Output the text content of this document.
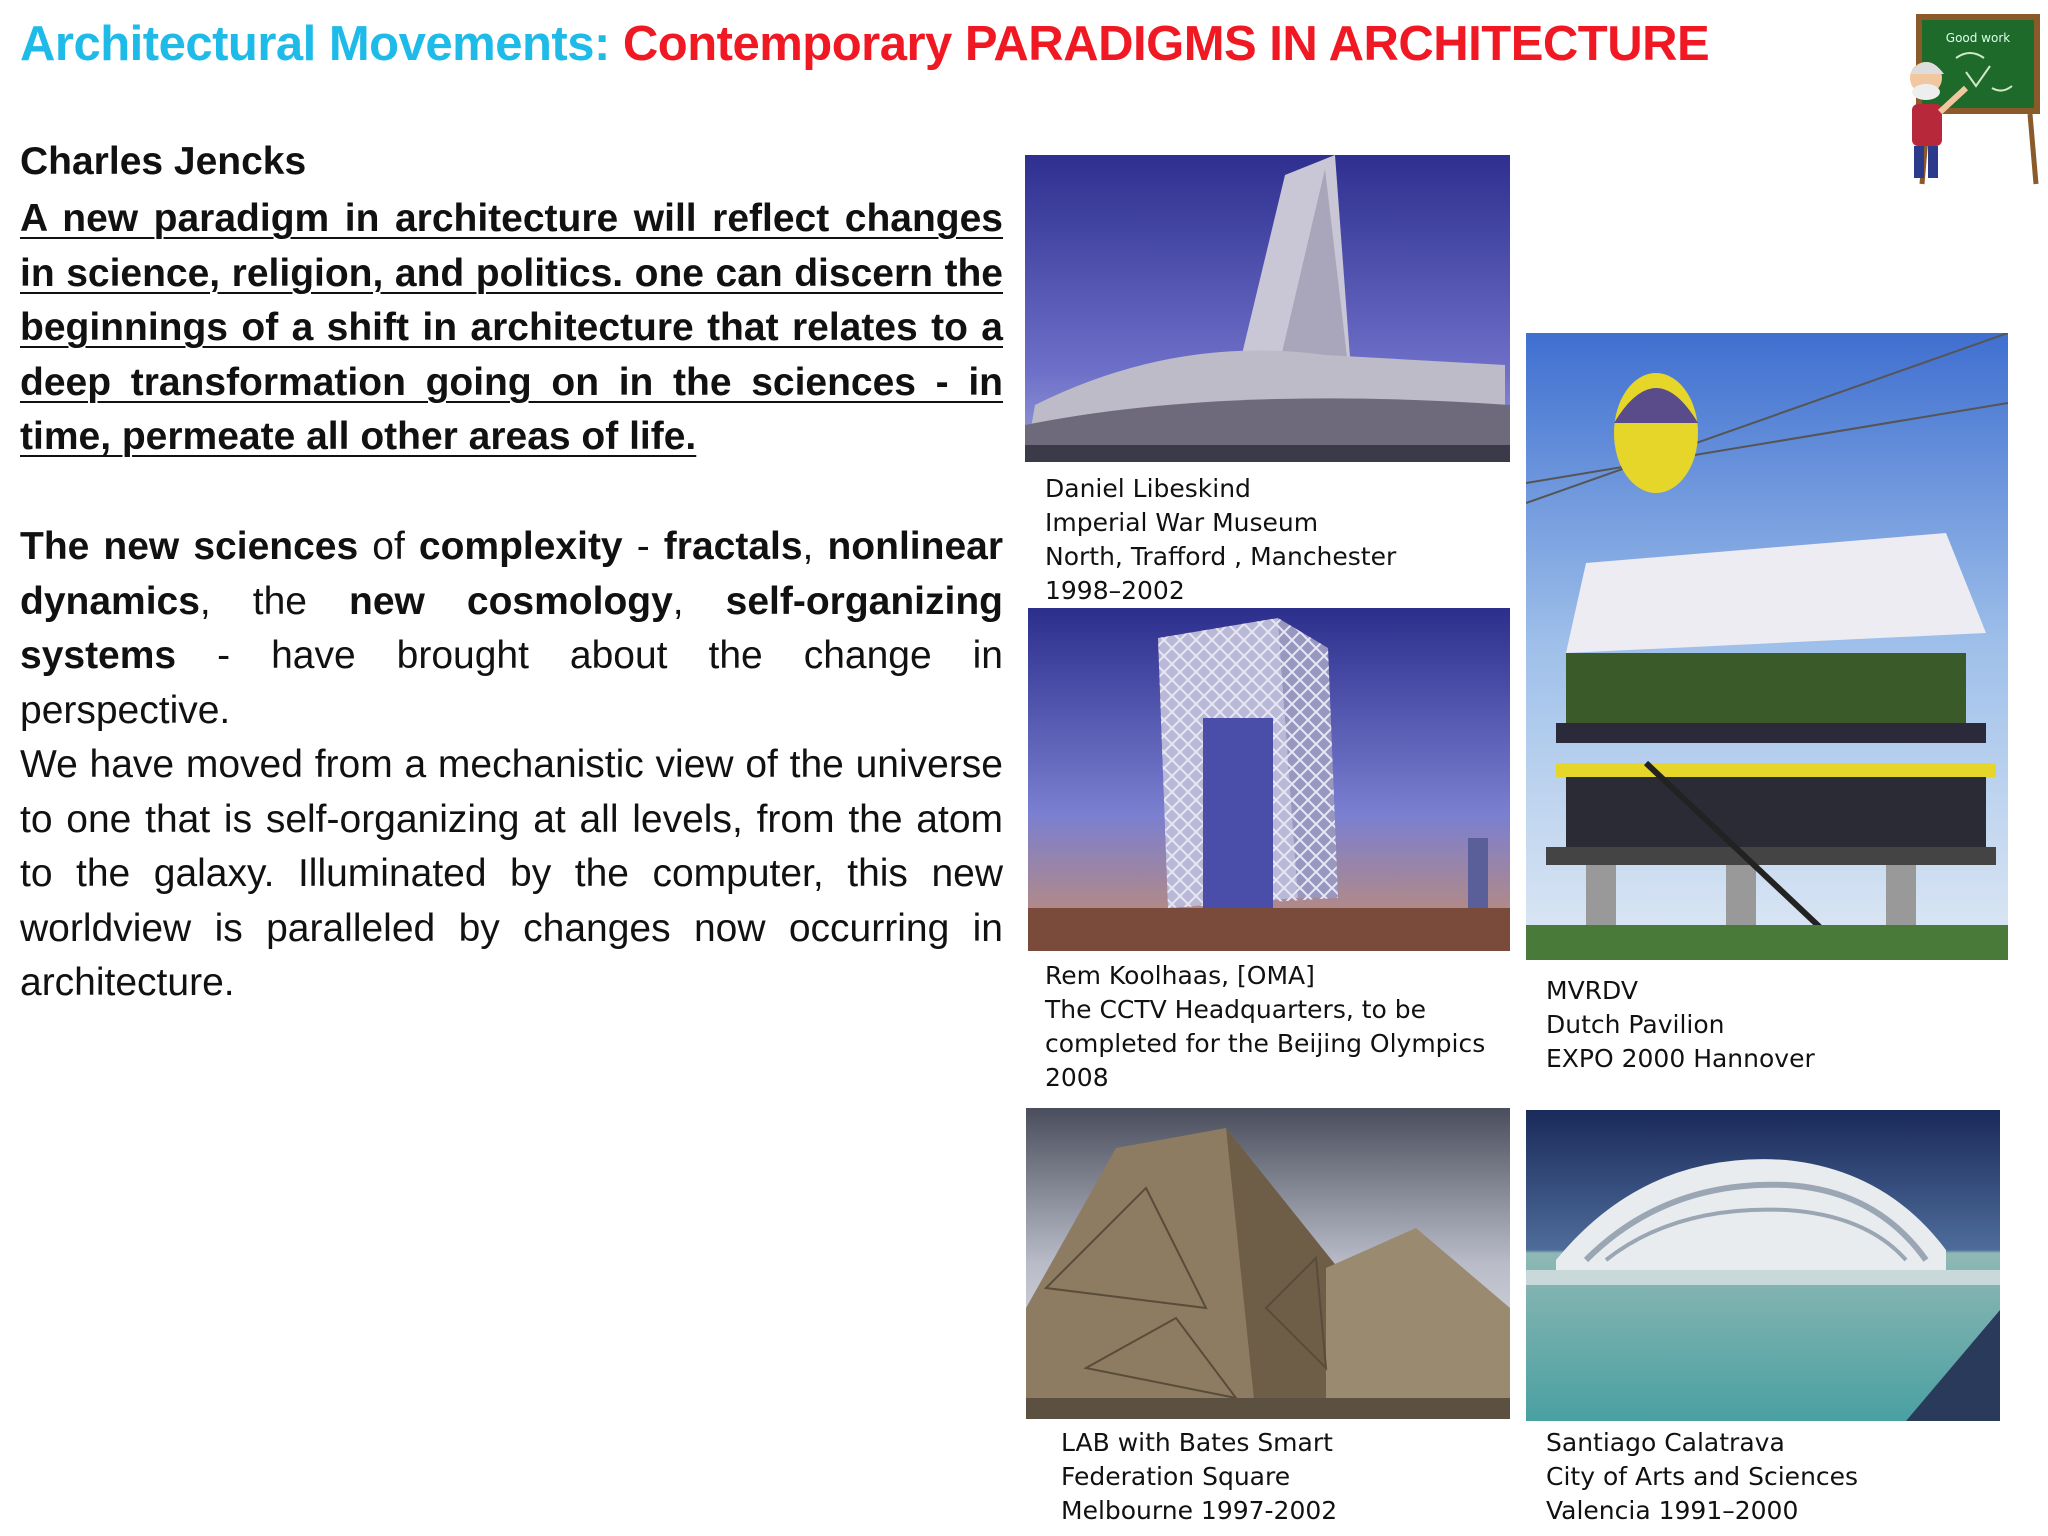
Architectural Movements: Contemporary PARADIGMS IN ARCHITECTURE	Good work
Charles Jencks

A new paradigm in architecture will reflect changes in science, religion, and politics. one can discern the beginnings of a shift in architecture that relates to a deep transformation going on in the sciences - in time, permeate all other areas of life.

The new sciences of complexity - fractals, nonlinear dynamics, the new cosmology, self-organizing systems - have brought about the change in perspective.

We have moved from a mechanistic view of the universe to one that is self-organizing at all levels, from the atom to the galaxy. Illuminated by the computer, this new worldview is paralleled by changes now occurring in architecture.

Daniel Libeskind
Imperial War Museum
North, Trafford , Manchester
1998–2002
Rem Koolhaas, [OMA]
The CCTV Headquarters, to be
completed for the Beijing Olympics
2008
MVRDV
Dutch Pavilion
EXPO 2000 Hannover
LAB with Bates Smart
Federation Square
Melbourne 1997-2002
Santiago Calatrava
City of Arts and Sciences
Valencia 1991–2000
